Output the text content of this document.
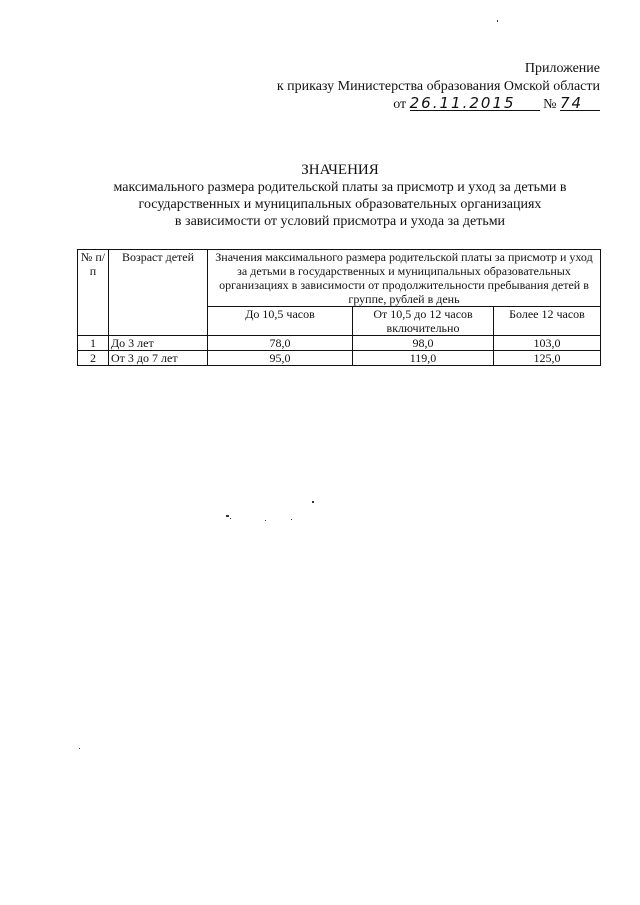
Приложение
к приказу Министерства образования Омской области
от 26.11.2015 № 74
ЗНАЧЕНИЯ
максимального размера родительской платы за присмотр и уход за детьми в
государственных и муниципальных образовательных организациях
в зависимости от условий присмотра и ухода за детьми
№ п/п	Возраст детей	Значения максимального размера родительской платы за присмотр и уход за детьми в государственных и муниципальных образовательных организациях в зависимости от продолжительности пребывания детей в группе, рублей в день		
		До 10,5 часов	От 10,5 до 12 часов включительно	Более 12 часов
1	До 3 лет	78,0	98,0	103,0
2	От 3 до 7 лет	95,0	119,0	125,0
